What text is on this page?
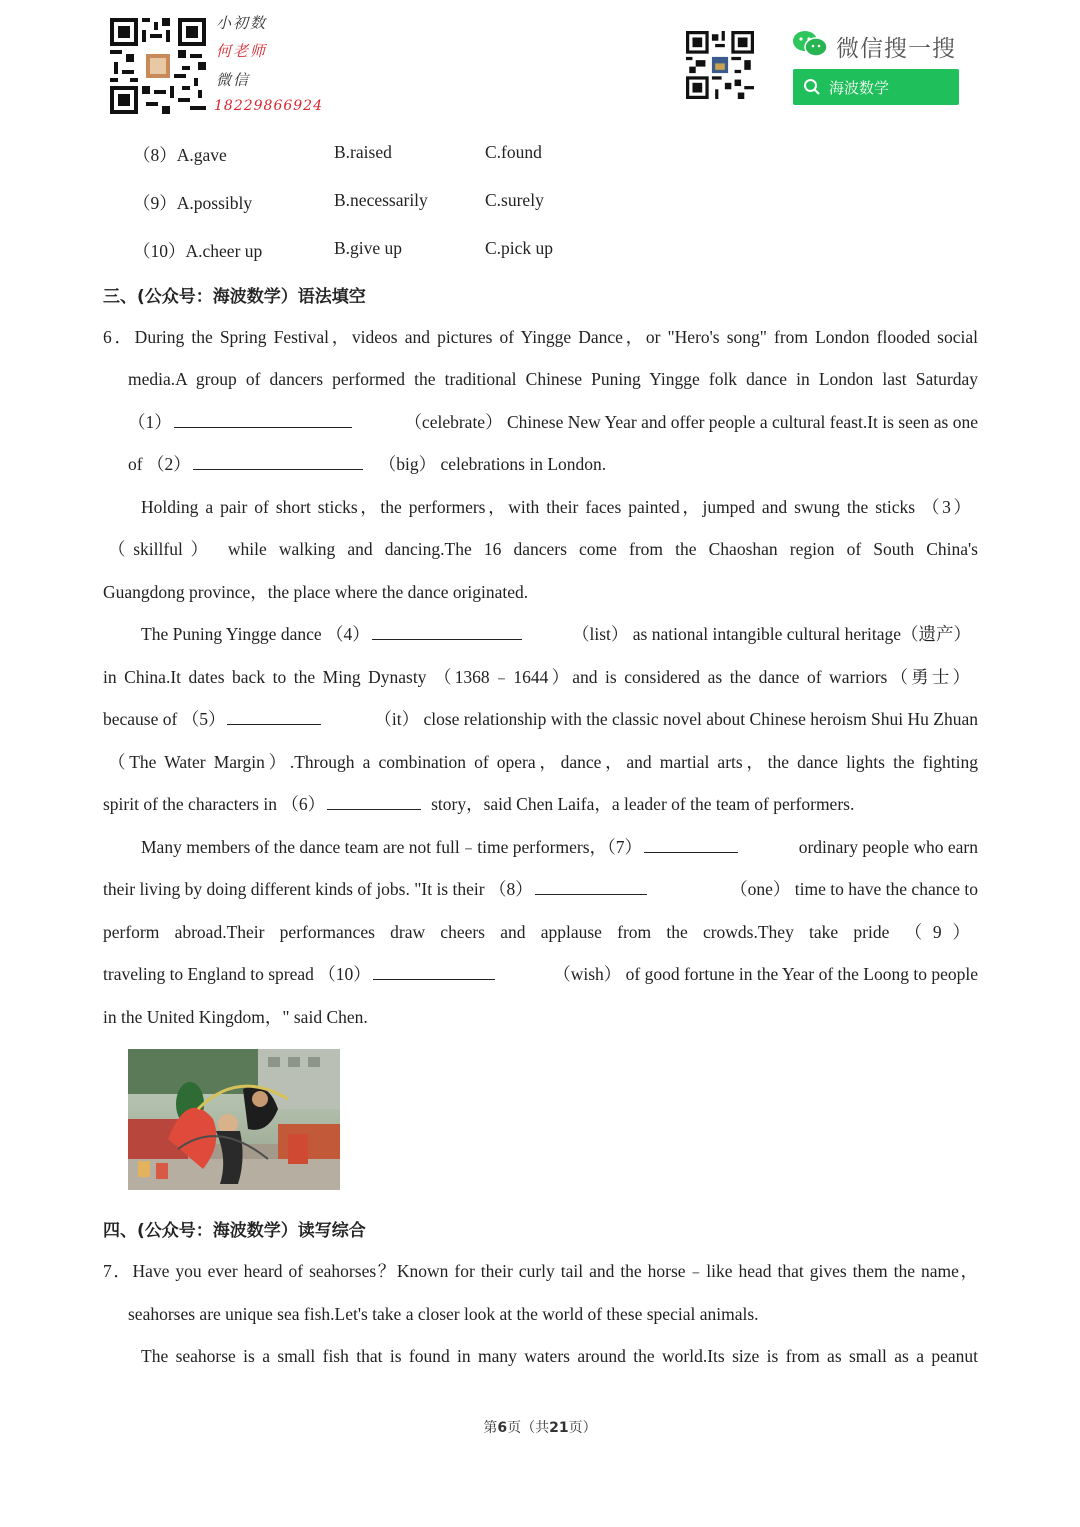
小初数
何老师
微信
18229866924
微信搜一搜
海波数学
（8）A.gave	B.raised	C.found
（9）A.possibly	B.necessarily	C.surely
（10）A.cheer up	B.give up	C.pick up
三、(公众号：海波数学）语法填空
6．During the Spring Festival，videos and pictures of Yingge Dance，or "Hero's song" from London flooded social
media.A group of dancers performed the traditional Chinese Puning Yingge folk dance in London last Saturday
（1）	（celebrate） Chinese New Year and offer people a cultural feast.It is seen as one
of （2）	（big） celebrations in London.
Holding a pair of short sticks，the performers，with their faces painted，jumped and swung the sticks （3）
（skillful） while walking and dancing.The 16 dancers come from the Chaoshan region of South China's
Guangdong province，the place where the dance originated.
The Puning Yingge dance （4）	（list） as national intangible cultural heritage（遗产）
in China.It dates back to the Ming Dynasty （1368﹣1644）and is considered as the dance of warriors（勇士）
because of （5）	（it） close relationship with the classic novel about Chinese heroism Shui Hu Zhuan
（The Water Margin）.Through a combination of opera，dance，and martial arts，the dance lights the fighting
spirit of the characters in （6）	story，said Chen Laifa，a leader of the team of performers.
Many members of the dance team are not full﹣time performers，（7）	ordinary people who earn
their living by doing different kinds of jobs. "It is their （8）	（one） time to have the chance to
perform abroad.Their performances draw cheers and applause from the crowds.They take pride （9）
traveling to England to spread （10）	（wish） of good fortune in the Year of the Loong to people
in the United Kingdom，" said Chen.
四、(公众号：海波数学）读写综合
7．Have you ever heard of seahorses？Known for their curly tail and the horse﹣like head that gives them the name，
seahorses are unique sea fish.Let's take a closer look at the world of these special animals.
The seahorse is a small fish that is found in many waters around the world.Its size is from as small as a peanut
第6页（共21页）
